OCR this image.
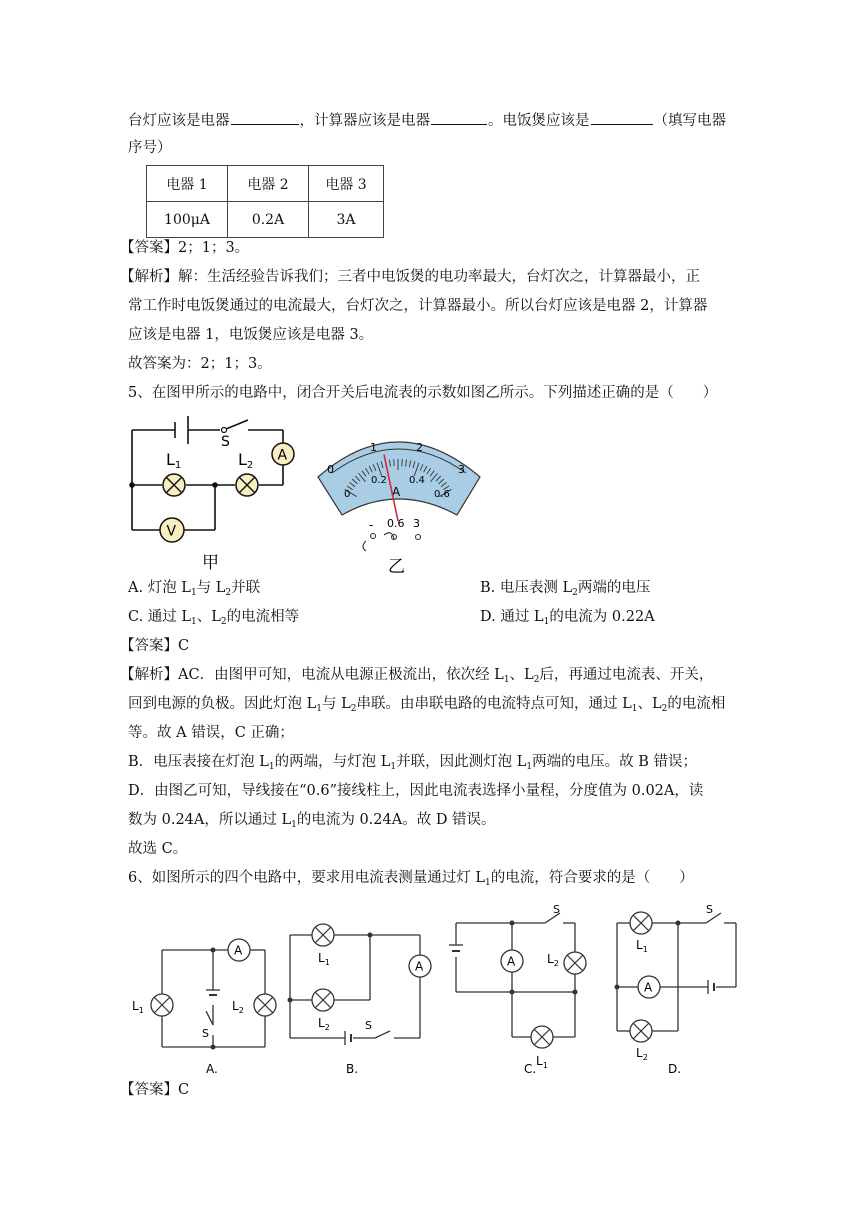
台灯应该是电器	，计算器应该是电器	。电饭煲应该是	（填写电器
序号）
电器 1	电器 2	电器 3
100μA	0.2A	3A
【答案】2；1；3。
【解析】解：生活经验告诉我们；三者中电饭煲的电功率最大，台灯次之，计算器最小，正
常工作时电饭煲通过的电流最大，台灯次之，计算器最小。所以台灯应该是电器 2，计算器
应该是电器 1，电饭煲应该是电器 3。
故答案为：2；1；3。
5、在图甲所示的电路中，闭合开关后电流表的示数如图乙所示。下列描述正确的是（　　）
S
L1	L2
A
V
甲
0
1	2
3
0
0.2 0.4
0.6
A
- 0.6 3
乙
A. 灯泡 $L_1$与 $L_2$并联	B. 电压表测 $L_2$两端的电压
C. 通过 $L_1$、$L_2$的电流相等	D. 通过 $L_1$的电流为 0.22A
【答案】C
【解析】AC．由图甲可知，电流从电源正极流出，依次经 $L_1$、$L_2$后，再通过电流表、开关，
回到电源的负极。因此灯泡 $L_1$与 $L_2$串联。由串联电路的电流特点可知，通过 $L_1$、$L_2$的电流相
等。故 A 错误，C 正确；
B．电压表接在灯泡 $L_1$的两端，与灯泡 $L_1$并联，因此测灯泡 $L_1$两端的电压。故 B 错误；
D．由图乙可知，导线接在“0.6”接线柱上，因此电流表选择小量程，分度值为 0.02A，读
数为 0.24A，所以通过 $L_1$的电流为 0.24A。故 D 错误。
故选 C。
6、如图所示的四个电路中，要求用电流表测量通过灯 $L_1$的电流，符合要求的是（　　）
A
$L_1$	$L_2$
S
A
$L_1$
$L_2$	S
A	$L_2$
$L_1$
S
A
$L_1$
$L_2$
S
A.	B.	C.	D.
【答案】C
